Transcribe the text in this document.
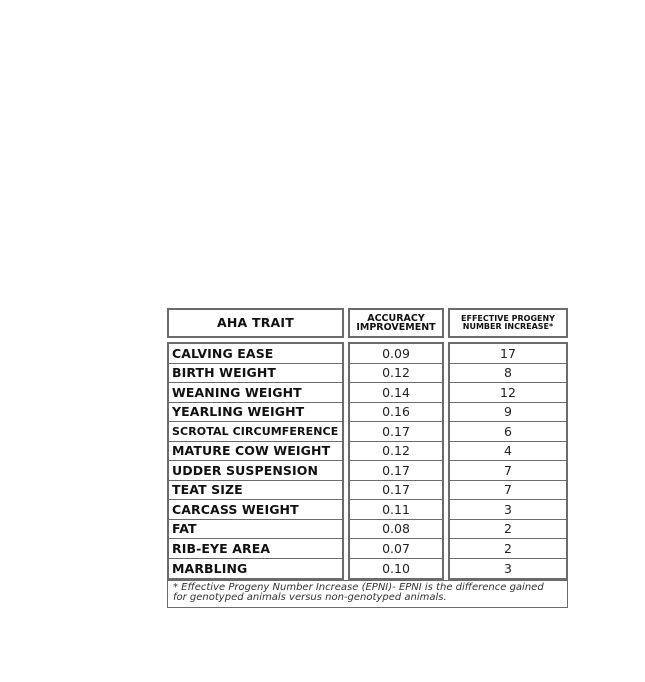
AHA TRAIT	ACCURACY
IMPROVEMENT
EFFECTIVE PROGENY
NUMBER INCREASE*
CALVING EASE
BIRTH WEIGHT
WEANING WEIGHT
YEARLING WEIGHT
SCROTAL CIRCUMFERENCE
MATURE COW WEIGHT
UDDER SUSPENSION
TEAT SIZE
CARCASS WEIGHT
FAT
RIB-EYE AREA
MARBLING
0.09
0.12
0.14
0.16
0.17
0.12
0.17
0.17
0.11
0.08
0.07
0.10
17
8
12
9
6
4
7
7
3
2
2
3
* Effective Progeny Number Increase (EPNI)- EPNI is the difference gained
for genotyped animals versus non-genotyped animals.
